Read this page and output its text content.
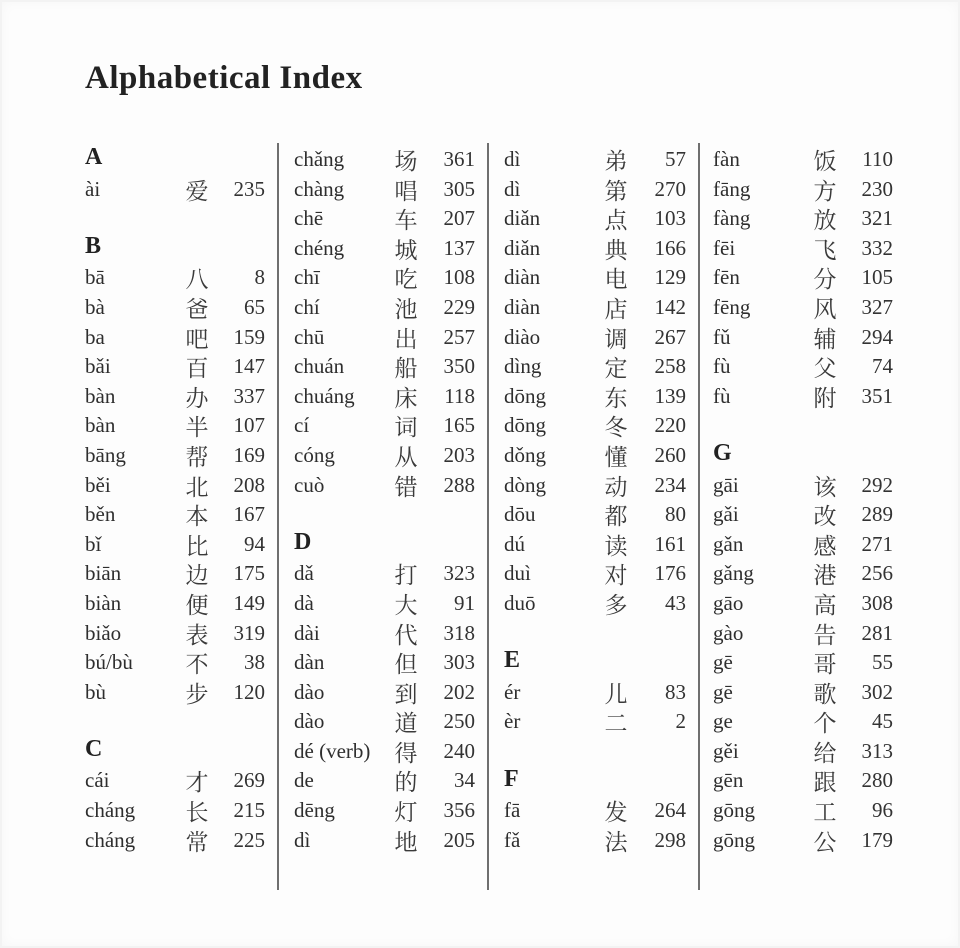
Alphabetical Index
A
ài	爱	235
B
bā	八	8
bà	爸	65
ba	吧	159
bǎi	百	147
bàn	办	337
bàn	半	107
bāng	帮	169
běi	北	208
běn	本	167
bǐ	比	94
biān	边	175
biàn	便	149
biǎo	表	319
bú/bù	不	38
bù	步	120
C
cái	才	269
cháng	长	215
cháng	常	225
chǎng	场	361
chàng	唱	305
chē	车	207
chéng	城	137
chī	吃	108
chí	池	229
chū	出	257
chuán	船	350
chuáng	床	118
cí	词	165
cóng	从	203
cuò	错	288
D
dǎ	打	323
dà	大	91
dài	代	318
dàn	但	303
dào	到	202
dào	道	250
dé (verb)	得	240
de	的	34
dēng	灯	356
dì	地	205
dì	弟	57
dì	第	270
diǎn	点	103
diǎn	典	166
diàn	电	129
diàn	店	142
diào	调	267
dìng	定	258
dōng	东	139
dōng	冬	220
dǒng	懂	260
dòng	动	234
dōu	都	80
dú	读	161
duì	对	176
duō	多	43
E
ér	儿	83
èr	二	2
F
fā	发	264
fǎ	法	298
fàn	饭	110
fāng	方	230
fàng	放	321
fēi	飞	332
fēn	分	105
fēng	风	327
fǔ	辅	294
fù	父	74
fù	附	351
G
gāi	该	292
gǎi	改	289
gǎn	感	271
gǎng	港	256
gāo	高	308
gào	告	281
gē	哥	55
gē	歌	302
ge	个	45
gěi	给	313
gēn	跟	280
gōng	工	96
gōng	公	179
